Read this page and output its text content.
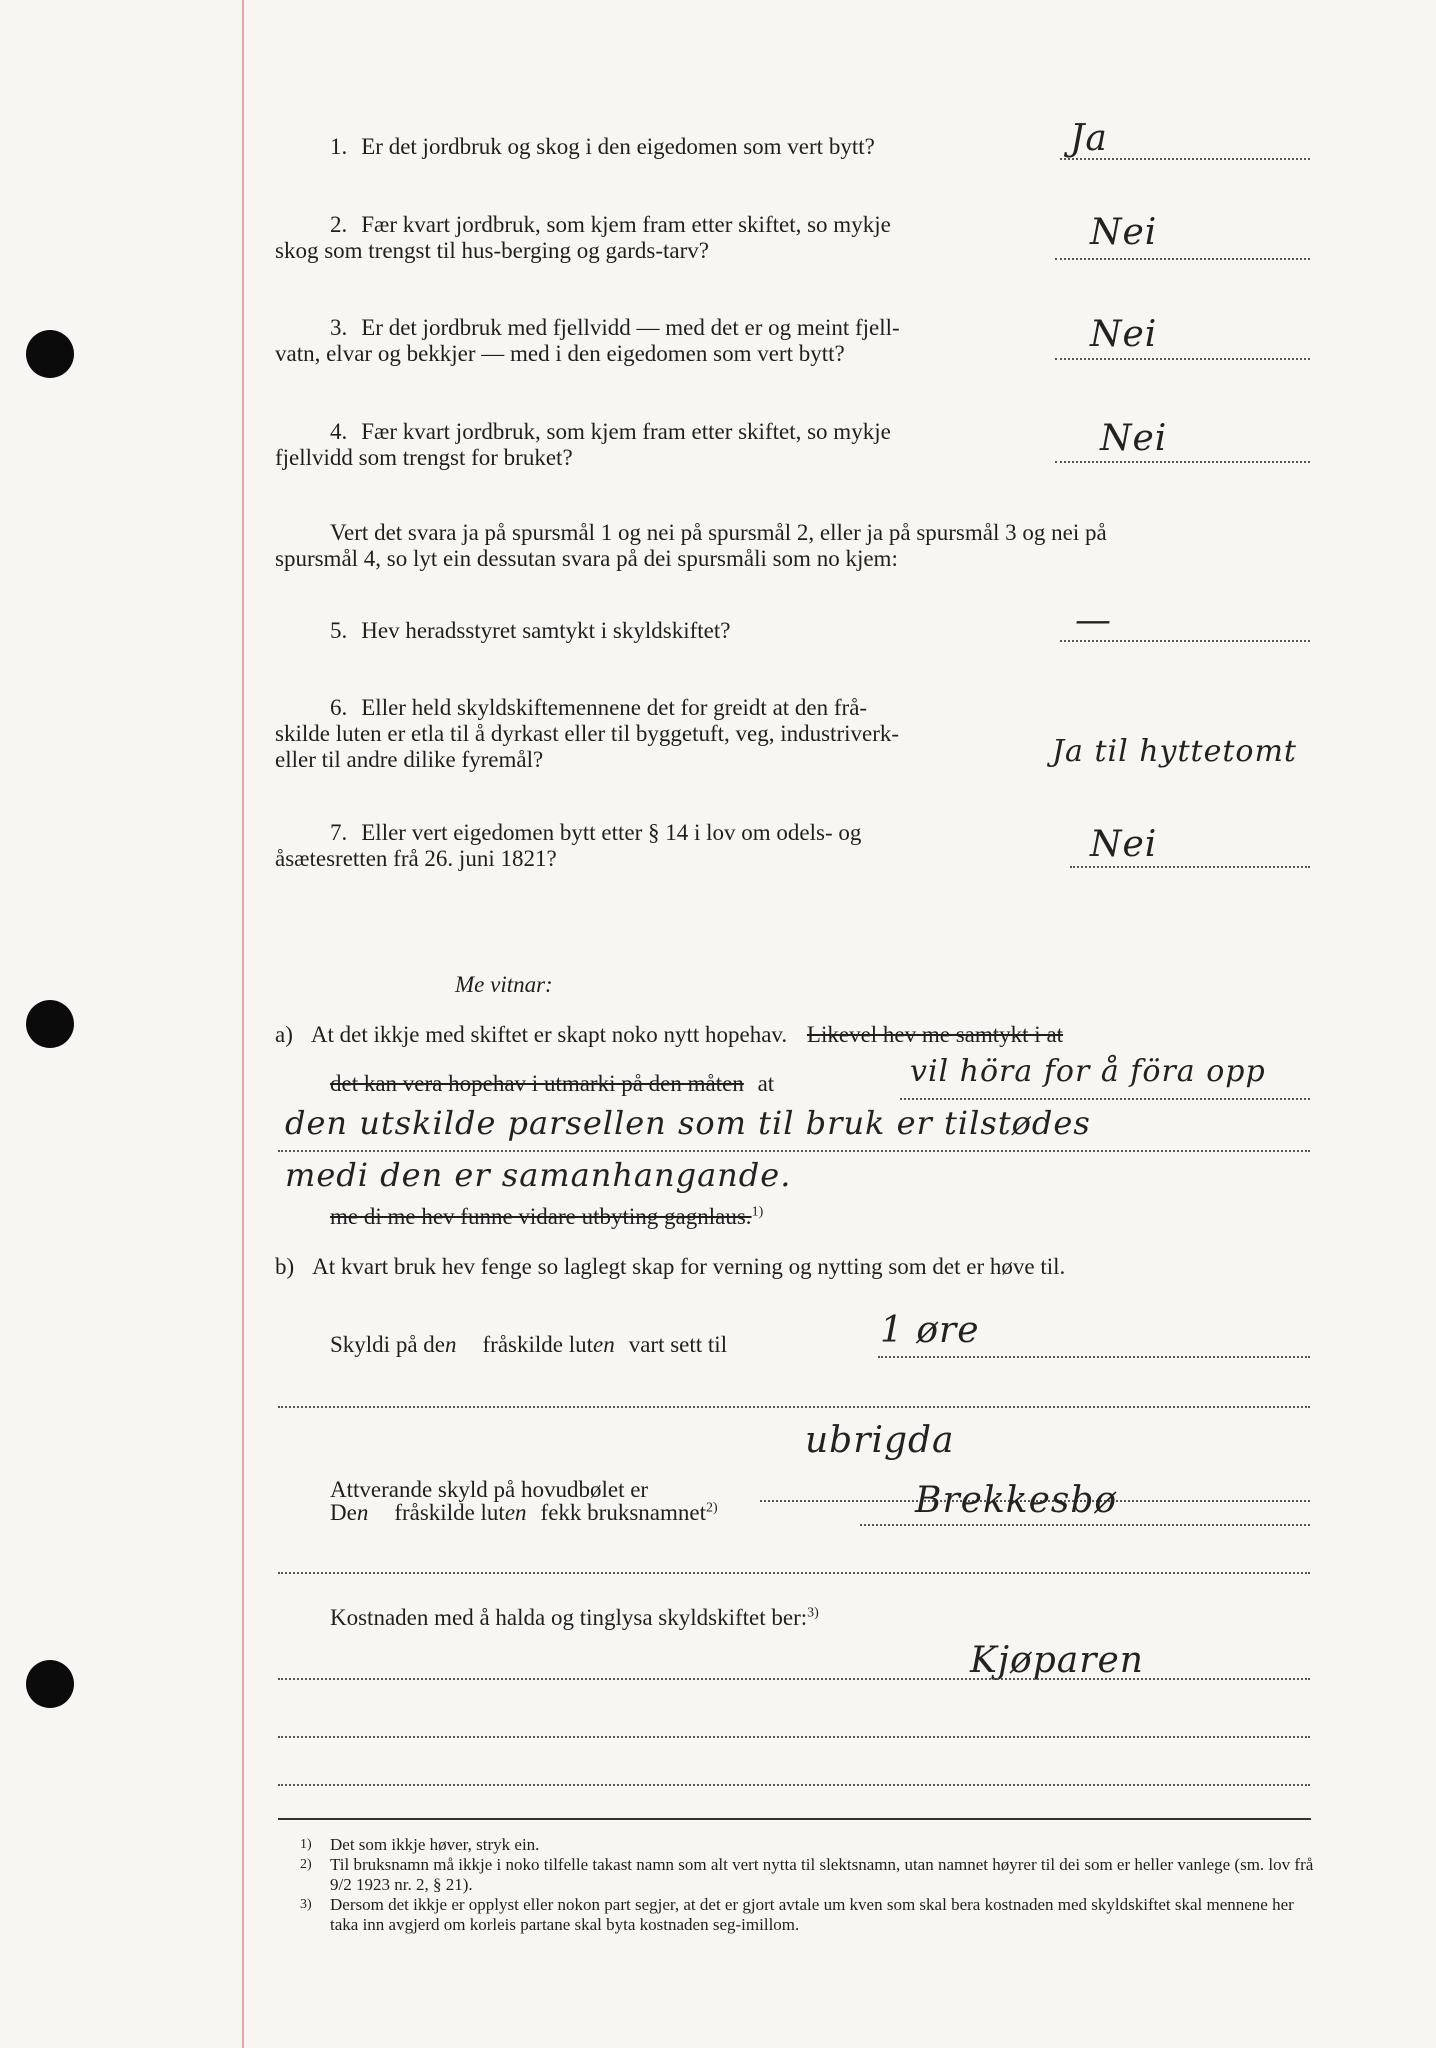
1. Er det jordbruk og skog i den eigedomen som vert bytt?	Ja
2. Fær kvart jordbruk, som kjem fram etter skiftet, so mykje
skog som trengst til hus-berging og gards-tarv?	Nei
3. Er det jordbruk med fjellvidd — med det er og meint fjell-
vatn, elvar og bekkjer — med i den eigedomen som vert bytt?	Nei
4. Fær kvart jordbruk, som kjem fram etter skiftet, so mykje
fjellvidd som trengst for bruket?	Nei
Vert det svara ja på spursmål 1 og nei på spursmål 2, eller ja på spursmål 3 og nei på
spursmål 4, so lyt ein dessutan svara på dei spursmåli som no kjem:
5. Hev heradsstyret samtykt i skyldskiftet?	—
6. Eller held skyldskiftemennene det for greidt at den frå-
skilde luten er etla til å dyrkast eller til byggetuft, veg, industriverk-
eller til andre dilike fyremål?	Ja til hyttetomt
7. Eller vert eigedomen bytt etter § 14 i lov om odels- og
åsætesretten frå 26. juni 1821?	Nei
Me vitnar:
a) At det ikkje med skiftet er skapt noko nytt hopehav. Likevel hev me samtykt i at
det kan vera hopehav i utmarki på den måten at	vil höra for å föra opp
den utskilde parsellen som til bruk er tilstødes
medi den er samanhangande.
me di me hev funne vidare utbyting gagnlaus.$^{1)}$
b) At kvart bruk hev fenge so laglegt skap for verning og nytting som det er høve til.
Skyldi på den fråskilde luten vart sett til	1 øre
Attverande skyld på hovudbølet er
ubrigda
Den fråskilde luten fekk bruksnamnet$^{2)}$	Brekkesbø
Kostnaden med å halda og tinglysa skyldskiftet ber:$^{3)}$
Kjøparen
1)	Det som ikkje høver, stryk ein.
2)	Til bruksnamn må ikkje i noko tilfelle takast namn som alt vert nytta til slektsnamn, utan namnet høyrer til dei som er heller vanlege (sm. lov frå 9/2 1923 nr. 2, § 21).
3)	Dersom det ikkje er opplyst eller nokon part segjer, at det er gjort avtale um kven som skal bera kostnaden med skyldskiftet skal mennene her taka inn avgjerd om korleis partane skal byta kostnaden seg-imillom.
